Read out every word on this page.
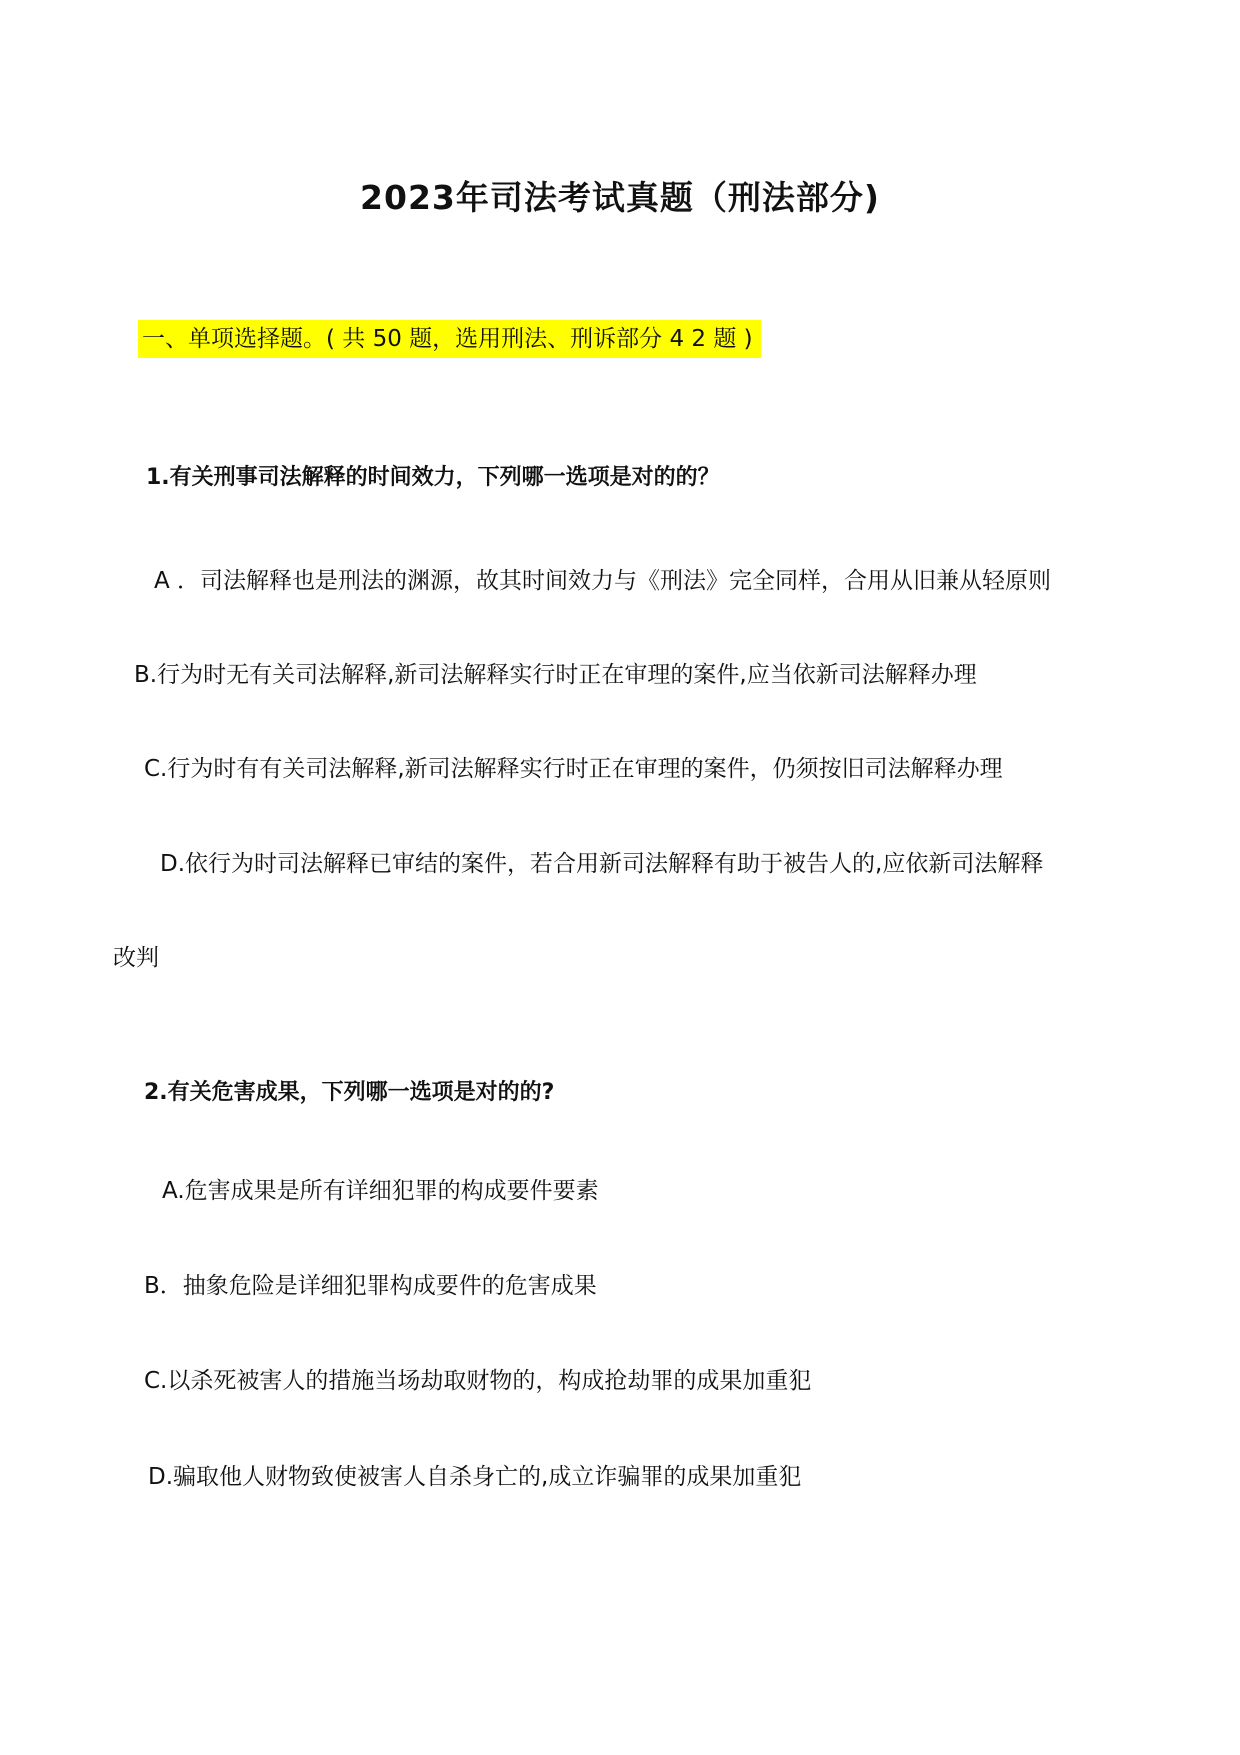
2023年司法考试真题（刑法部分)
一、单项选择题。( 共 50 题，选用刑法、刑诉部分 4 2 题 )
1.有关刑事司法解释的时间效力，下列哪一选项是对的的？
A ．司法解释也是刑法的渊源，故其时间效力与《刑法》完全同样，合用从旧兼从轻原则
B.行为时无有关司法解释,新司法解释实行时正在审理的案件,应当依新司法解释办理
C.行为时有有关司法解释,新司法解释实行时正在审理的案件，仍须按旧司法解释办理
D.依行为时司法解释已审结的案件，若合用新司法解释有助于被告人的,应依新司法解释
改判
2.有关危害成果，下列哪一选项是对的的?
A.危害成果是所有详细犯罪的构成要件要素
B．抽象危险是详细犯罪构成要件的危害成果
C.以杀死被害人的措施当场劫取财物的，构成抢劫罪的成果加重犯
D.骗取他人财物致使被害人自杀身亡的,成立诈骗罪的成果加重犯
